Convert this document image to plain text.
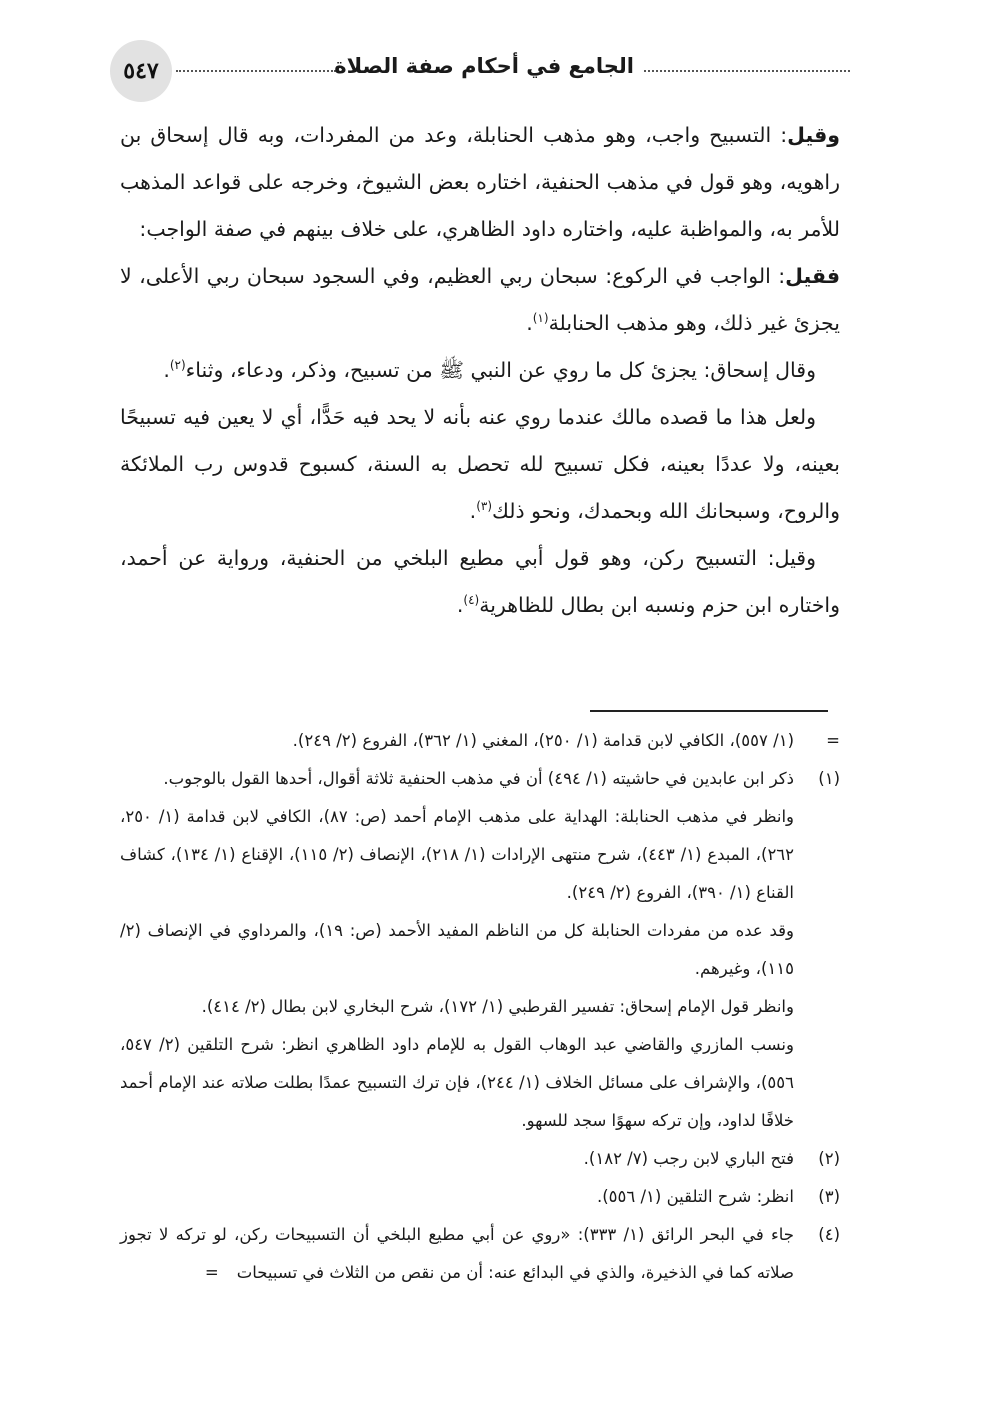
٥٤٧	الجامع في أحكام صفة الصلاة

وقيل: التسبيح واجب، وهو مذهب الحنابلة، وعد من المفردات، وبه قال إسحاق بن راهويه، وهو قول في مذهب الحنفية، اختاره بعض الشيوخ، وخرجه على قواعد المذهب للأمر به، والمواظبة عليه، واختاره داود الظاهري، على خلاف بينهم في صفة الواجب:

فقيل: الواجب في الركوع: سبحان ربي العظيم، وفي السجود سبحان ربي الأعلى، لا يجزئ غير ذلك، وهو مذهب الحنابلة$^{(١)}$.

وقال إسحاق: يجزئ كل ما روي عن النبي ﷺ من تسبيح، وذكر، ودعاء، وثناء$^{(٢)}$.

ولعل هذا ما قصده مالك عندما روي عنه بأنه لا يحد فيه حَدًّا، أي لا يعين فيه تسبيحًا بعينه، ولا عددًا بعينه، فكل تسبيح لله تحصل به السنة، كسبوح قدوس رب الملائكة والروح، وسبحانك الله وبحمدك، ونحو ذلك$^{(٣)}$.

وقيل: التسبيح ركن، وهو قول أبي مطيع البلخي من الحنفية، ورواية عن أحمد، واختاره ابن حزم ونسبه ابن بطال للظاهرية$^{(٤)}$.

=

(١/ ٥٥٧)، الكافي لابن قدامة (١/ ٢٥٠)، المغني (١/ ٣٦٢)، الفروع (٢/ ٢٤٩).

(١)

ذكر ابن عابدين في حاشيته (١/ ٤٩٤) أن في مذهب الحنفية ثلاثة أقوال، أحدها القول بالوجوب.

وانظر في مذهب الحنابلة: الهداية على مذهب الإمام أحمد (ص: ٨٧)، الكافي لابن قدامة (١/ ٢٥٠، ٢٦٢)، المبدع (١/ ٤٤٣)، شرح منتهى الإرادات (١/ ٢١٨)، الإنصاف (٢/ ١١٥)، الإقناع (١/ ١٣٤)، كشاف القناع (١/ ٣٩٠)، الفروع (٢/ ٢٤٩).

وقد عده من مفردات الحنابلة كل من الناظم المفيد الأحمد (ص: ١٩)، والمرداوي في الإنصاف (٢/ ١١٥)، وغيرهم.

وانظر قول الإمام إسحاق: تفسير القرطبي (١/ ١٧٢)، شرح البخاري لابن بطال (٢/ ٤١٤).

ونسب المازري والقاضي عبد الوهاب القول به للإمام داود الظاهري انظر: شرح التلقين (٢/ ٥٤٧، ٥٥٦)، والإشراف على مسائل الخلاف (١/ ٢٤٤)، فإن ترك التسبيح عمدًا بطلت صلاته عند الإمام أحمد خلافًا لداود، وإن تركه سهوًا سجد للسهو.

(٢)

فتح الباري لابن رجب (٧/ ١٨٢).

(٣)

انظر: شرح التلقين (١/ ٥٥٦).

(٤)

جاء في البحر الرائق (١/ ٣٣٣): «روي عن أبي مطيع البلخي أن التسبيحات ركن، لو تركه لا تجوز صلاته كما في الذخيرة، والذي في البدائع عنه: أن من نقص من الثلاث في تسبيحات=
